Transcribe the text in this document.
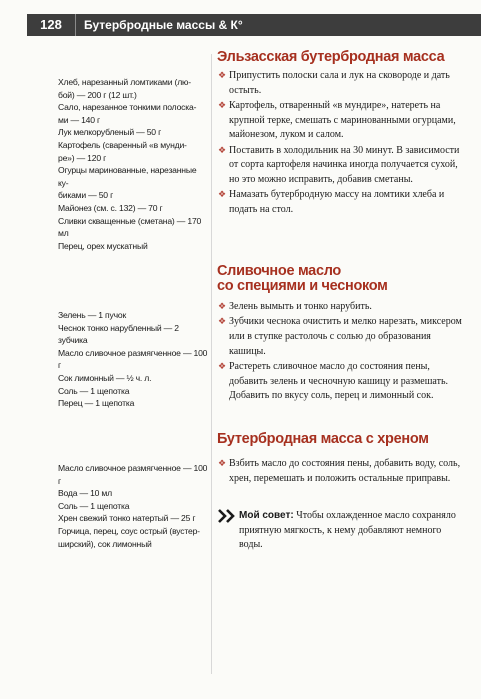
128	Бутербродные массы & К°
Эльзасская бутербродная масса
Хлеб, нарезанный ломтиками (лю-
бой) — 200 г (12 шт.)
Сало, нарезанное тонкими полоска-
ми — 140 г
Лук мелкорубленый — 50 г
Картофель (сваренный «в мунди-
ре») — 120 г
Огурцы маринованные, нарезанные ку-
биками — 50 г
Майонез (см. с. 132) — 70 г
Сливки скващенные (сметана) — 170 мл
Перец, орех мускатный
❖ Припустить полоски сала и лук на сковороде и дать остыть.
❖ Картофель, отваренный «в мундире», натереть на крупной терке, смешать с маринованными огурцами, майонезом, луком и салом.
❖ Поставить в холодильник на 30 минут. В зависимости от сорта картофеля начинка иногда получается сухой, но это можно исправить, добавив сметаны.
❖ Намазать бутербродную массу на ломтики хлеба и подать на стол.
Сливочное масло
со специями и чесноком
Зелень — 1 пучок
Чеснок тонко нарубленный — 2 зубчика
Масло сливочное размягченное — 100 г
Сок лимонный — ½ ч. л.
Соль — 1 щепотка
Перец — 1 щепотка
❖ Зелень вымыть и тонко нарубить.
❖ Зубчики чеснока очистить и мелко нарезать, миксером или в ступке растолочь с солью до образования кашицы.
❖ Растереть сливочное масло до состояния пены, добавить зелень и чесночную кашицу и размешать. Добавить по вкусу соль, перец и лимонный сок.
Бутербродная масса с хреном
Масло сливочное размягченное — 100 г
Вода — 10 мл
Соль — 1 щепотка
Хрен свежий тонко натертый — 25 г
Горчица, перец, соус острый (вустер-
ширский), сок лимонный
❖ Взбить масло до состояния пены, добавить воду, соль, хрен, перемешать и положить остальные приправы.
Мой совет: Чтобы охлажденное масло сохраняло приятную мягкость, к нему добавляют немного воды.
